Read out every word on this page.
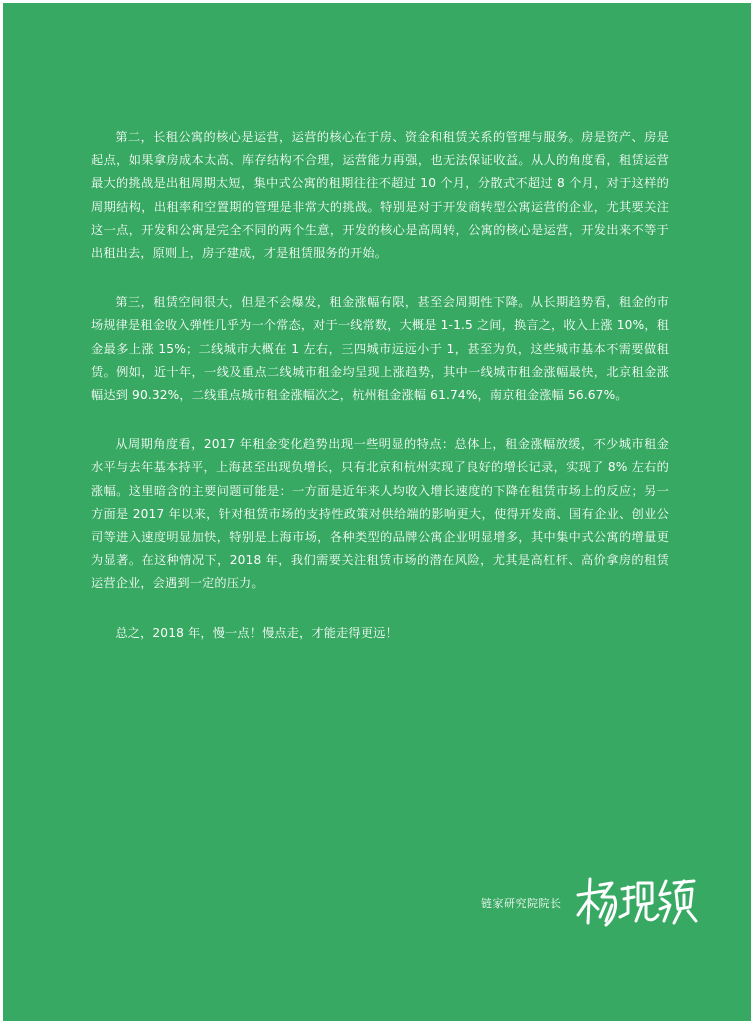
第二，长租公寓的核心是运营，运营的核心在于房、资金和租赁关系的管理与服务。房是资产、房是起点，如果拿房成本太高、库存结构不合理，运营能力再强，也无法保证收益。从人的角度看，租赁运营最大的挑战是出租周期太短，集中式公寓的租期往往不超过 10 个月，分散式不超过 8 个月，对于这样的周期结构，出租率和空置期的管理是非常大的挑战。特别是对于开发商转型公寓运营的企业，尤其要关注这一点，开发和公寓是完全不同的两个生意，开发的核心是高周转，公寓的核心是运营，开发出来不等于出租出去，原则上，房子建成，才是租赁服务的开始。

第三，租赁空间很大，但是不会爆发，租金涨幅有限，甚至会周期性下降。从长期趋势看，租金的市场规律是租金收入弹性几乎为一个常态，对于一线常数，大概是 1-1.5 之间，换言之，收入上涨 10%，租金最多上涨 15%；二线城市大概在 1 左右，三四城市远远小于 1，甚至为负，这些城市基本不需要做租赁。例如，近十年，一线及重点二线城市租金均呈现上涨趋势，其中一线城市租金涨幅最快，北京租金涨幅达到 90.32%，二线重点城市租金涨幅次之，杭州租金涨幅 61.74%，南京租金涨幅 56.67%。

从周期角度看，2017 年租金变化趋势出现一些明显的特点：总体上，租金涨幅放缓，不少城市租金水平与去年基本持平，上海甚至出现负增长，只有北京和杭州实现了良好的增长记录，实现了 8% 左右的涨幅。这里暗含的主要问题可能是：一方面是近年来人均收入增长速度的下降在租赁市场上的反应；另一方面是 2017 年以来，针对租赁市场的支持性政策对供给端的影响更大，使得开发商、国有企业、创业公司等进入速度明显加快，特别是上海市场，各种类型的品牌公寓企业明显增多，其中集中式公寓的增量更为显著。在这种情况下，2018 年，我们需要关注租赁市场的潜在风险，尤其是高杠杆、高价拿房的租赁运营企业，会遇到一定的压力。

总之，2018 年，慢一点！慢点走，才能走得更远！

链家研究院院长
